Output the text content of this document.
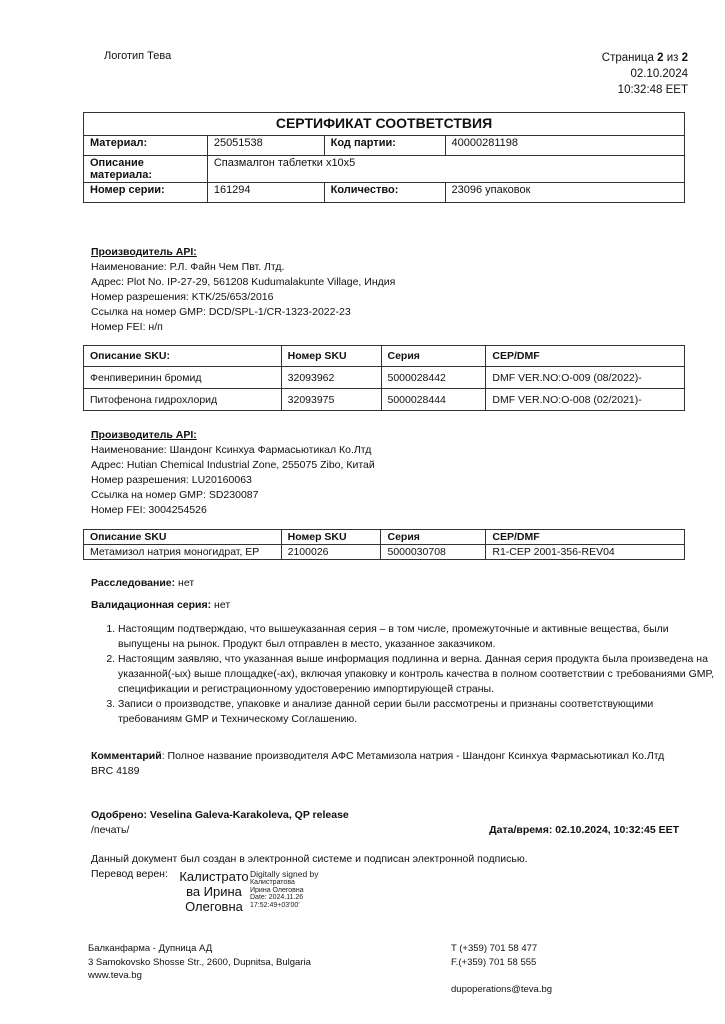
Логотип Тева	Страница 2 из 2
02.10.2024
10:32:48 EET
СЕРТИФИКАТ СООТВЕТСТВИЯ			
Материал:	25051538	Код партии:	40000281198

Описание
материала:	Спазмалгон таблетки x10x5		
Номер серии:	161294	Количество:	23096 упаковок
Производитель API:
Наименование: Р.Л. Файн Чем Пвт. Лтд.
Адрес: Plot No. IP-27-29, 561208 Kudumalakunte Village, Индия
Номер разрешения: KTK/25/653/2016
Ссылка на номер GMP: DCD/SPL-1/CR-1323-2022-23
Номер FEI: н/п
Описание SKU:	Номер SKU	Серия	CEP/DMF
Фенпиверинин бромид	32093962	5000028442	DMF VER.NO:O-009 (08/2022)-
Питофенона гидрохлорид	32093975	5000028444	DMF VER.NO:O-008 (02/2021)-
Производитель API:
Наименование: Шандонг Ксинхуа Фармасьютикал Ко.Лтд
Адрес: Hutian Chemical Industrial Zone, 255075 Zibo, Китай
Номер разрешения: LU20160063
Ссылка на номер GMP: SD230087
Номер FEI: 3004254526
Описание SKU	Номер SKU	Серия	CEP/DMF
Метамизол натрия моногидрат, EP	2100026	5000030708	R1-CEP 2001-356-REV04
Расследование: нет
Валидационная серия: нет
1. Настоящим подтверждаю, что вышеуказанная серия – в том числе, промежуточные и активные вещества, были выпущены на рынок. Продукт был отправлен в место, указанное заказчиком.
2. Настоящим заявляю, что указанная выше информация подлинна и верна. Данная серия продукта была произведена на указанной(-ых) выше площадке(-ах), включая упаковку и контроль качества в полном соответствии с требованиями GMP, спецификации и регистрационному удостоверению импортирующей страны.
3. Записи о производстве, упаковке и анализе данной серии были рассмотрены и признаны соответствующими требованиям GMP и Техническому Соглашению.
Комментарий: Полное название производителя АФС Метамизола натрия - Шандонг Ксинхуа Фармасьютикал Ко.Лтд
BRC 4189
Одобрено: Veselina Galeva-Karakoleva, QP release
/печать/	Дата/время: 02.10.2024, 10:32:45 EET
Данный документ был создан в электронной системе и подписан электронной подписью.
Перевод верен: Калистрато
ва Ирина
Олеговна
Digitally signed by
Калистратова
Ирина Олеговна
Date: 2024.11.26
17:52:49+03'00'
Балканфарма - Дупница АД
3 Samokovsko Shosse Str., 2600, Dupnitsa, Bulgaria
www.teva.bg
T (+359) 701 58 477
F.(+359) 701 58 555
dupoperations@teva.bg
